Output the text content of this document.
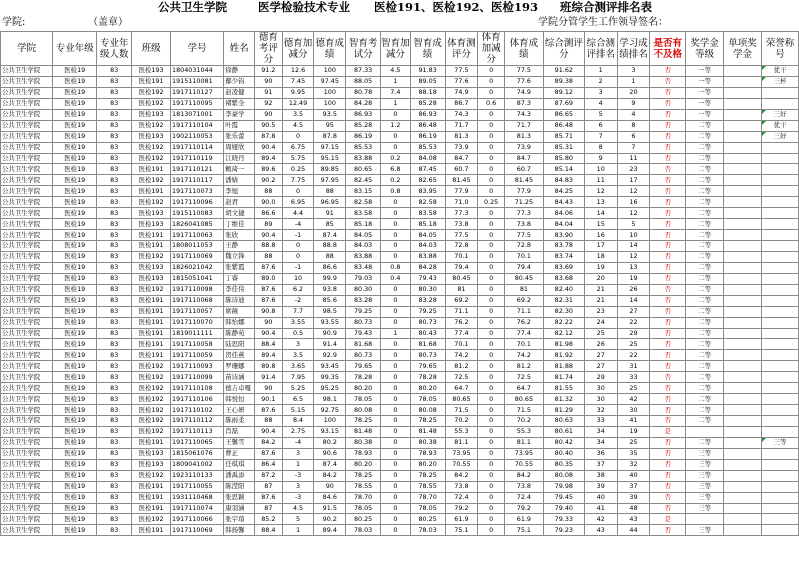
公共卫生学院	医学检验技术专业 医检191、医检192、医检193 班综合测评排名表
学院:	（盖章）	学院分管学生工作领导签名：
学院	专业年级	专业年级人数	班级	学号	姓名	德育考评分	德育加减分	德育成绩	智育考试分	智育加减分	智育成绩	体育测评分	体育加减分	体育成绩	综合测评分	综合测评排名	学习成绩排名	是否有不及格	奖学金等级	单项奖学金	荣誉称号
公共卫生学院	医检19	83	医检193	1804031044	徐静	91.2	12.6	100	87.33	4.5	91.83	77.5	0	77.5	91.62	1	3	否	一等		优干
公共卫生学院	医检19	83	医检191	1915110081	鄢少钧	90	7.45	97.45	88.05	1	89.05	77.6	0	77.6	89.38	2	1	否	一等		三杯
公共卫生学院	医检19	83	医检192	1917110127	赵凌健	91	9.95	100	80.78	7.4	88.18	74.9	0	74.9	89.12	3	20	否	一等		
公共卫生学院	医检19	83	医检192	1917110095	褚紫全	92	12.49	100	84.28	1	85.28	86.7	0.6	87.3	87.69	4	9	否	一等		
公共卫生学院	医检19	83	医检193	1813071001	李豪学	90	3.5	93.5	86.93	0	86.93	74.3	0	74.3	86.65	5	4	否	一等		三好
公共卫生学院	医检19	83	医检192	1917110104	叶霞	90.5	4.5	95	85.28	1.2	86.48	71.7	0	71.7	86.48	6	8	否	二等		优干
公共卫生学院	医检19	83	医检193	1902110053	张乐蕾	87.8	0	87.8	86.19	0	86.19	81.3	0	81.3	85.71	7	6	否	二等		三好
公共卫生学院	医检19	83	医检192	1917110114	周娅欣	90.4	6.75	97.15	85.53	0	85.53	73.9	0	73.9	85.31	8	7	否	二等		
公共卫生学院	医检19	83	医检192	1917110119	江晓丹	89.4	5.75	95.15	83.88	0.2	84.08	84.7	0	84.7	85.80	9	11	否	二等		
公共卫生学院	医检19	83	医检191	1917110121	鲍琦一	89.6	0.25	89.85	80.65	6.8	87.45	60.7	0	60.7	85.14	10	23	否	二等		
公共卫生学院	医检19	83	医检192	1917110117	潘婧	90.2	7.75	97.95	82.45	0.2	82.65	81.45	0	81.45	84.83	11	17	否	二等		
公共卫生学院	医检19	83	医检191	1917110073	李旭	88	0	88	83.15	0.8	83.95	77.9	0	77.9	84.25	12	12	否	二等		
公共卫生学院	医检19	83	医检192	1917110096	赵君	90.0	6.95	96.95	82.58	0	82.58	71.0	0.25	71.25	84.43	13	16	否	二等		
公共卫生学院	医检19	83	医检193	1915110083	胡文捷	86.6	4.4	91	83.58	0	83.58	77.3	0	77.3	84.06	14	12	否	二等		
公共卫生学院	医检19	83	医检193	1826041085	丁维佳	89	-4	85	85.18	0	85.18	73.8	0	73.8	84.04	15	5	否	二等		
公共卫生学院	医检19	83	医检191	1917110063	张欣	90.4	-1	87.4	84.05	0	84.05	77.5	0	77.5	83.90	16	10	否	二等		
公共卫生学院	医检19	83	医检191	1808011053	王静	88.8	0	88.8	84.03	0	84.03	72.8	0	72.8	83.78	17	14	否	二等		
公共卫生学院	医检19	83	医检192	1917110069	魏立锋	88	0	88	83.88	0	83.88	70.1	0	70.1	83.74	18	12	否	二等		
公共卫生学院	医检19	83	医检193	1826021042	张紫霞	87.6	-1	86.6	83.48	0.8	84.28	79.4	0	79.4	83.69	19	13	否	二等		
公共卫生学院	医检19	83	医检193	1815051041	丁睿	89.0	10	99.9	79.03	0.4	79.43	80.45	0	80.45	83.68	20	19	否	二等		
公共卫生学院	医检19	83	医检192	1917110098	李佳伟	87.6	6.2	93.8	80.30	0	80.30	81	0	81	82.40	21	26	否	二等		
公共卫生学院	医检19	83	医检191	1917110068	陈诗迪	87.6	-2	85.6	83.28	0	83.28	69.2	0	69.2	82.31	21	14	否	二等		
公共卫生学院	医检19	83	医检191	1917110057	席薇	90.8	7.7	98.5	79.25	0	79.25	71.1	0	71.1	82.30	23	27	否	二等		
公共卫生学院	医检19	83	医检191	1917110070	韩怡娜	90	3.55	93.55	80.73	0	80.73	76.2	0	76.2	82.22	24	22	否	二等		
公共卫生学院	医检19	83	医检191	1819011111	陈静苑	90.4	0.5	90.9	79.43	1	80.43	77.4	0	77.4	82.12	25	29	否	二等		
公共卫生学院	医检19	83	医检191	1917110058	陆思阳	88.4	3	91.4	81.68	0	81.68	70.1	0	70.1	81.98	26	25	否	二等		
公共卫生学院	医检19	83	医检191	1917110059	贺佳燕	89.4	3.5	92.9	80.73	0	80.73	74.2	0	74.2	81.92	27	22	否	二等		
公共卫生学院	医检19	83	医检192	1917110093	罗珊娜	89.8	3.65	93.45	79.65	0	79.65	81.2	0	81.2	81.88	27	31	否	二等		
公共卫生学院	医检19	83	医检192	1917110099	苗诗涵	91.4	7.95	99.35	78.28	0	78.28	72.5	0	72.5	81.74	29	33	否	二等		
公共卫生学院	医检19	83	医检192	1917110108	德吉卓嘎	90	5.25	95.25	80.20	0	80.20	64.7	0	64.7	81.55	30	25	否	二等		
公共卫生学院	医检19	83	医检192	1917110106	韩悦恒	90.1	6.5	98.1	78.05	0	78.05	80.65	0	80.65	81.32	30	42	否	二等		
公共卫生学院	医检19	83	医检192	1917110102	王心妍	87.6	5.15	92.75	80.08	0	80.08	71.5	0	71.5	81.29	32	30	否	二等		
公共卫生学院	医检19	83	医检192	1917110112	陈雨柔	88	8.4	100	78.25	0	78.25	70.2	0	70.2	80.63	33	41	否	二等		
公共卫生学院	医检19	83	医检192	1917110113	肖磊	90.4	2.75	93.15	81.48	0	81.48	55.3	0	55.3	80.61	34	19	是			
公共卫生学院	医检19	83	医检191	1917110065	王馨雪	84.2	-4	80.2	80.38	0	80.38	81.1	0	81.1	80.42	34	25	否	二等		三等
公共卫生学院	医检19	83	医检193	1815061076	曹正	87.6	3	90.6	78.93	0	78.93	73.95	0	73.95	80.40	36	35	否	三等		
公共卫生学院	医检19	83	医检193	1809041002	任琪琪	86.4	1	87.4	80.20	0	80.20	70.55	0	70.55	80.35	37	32	否	三等		
公共卫生学院	医检19	83	医检192	1923110133	潘禹添	87.2	-3	84.2	78.25	0	78.25	84.2	0	84.2	80.08	38	40	否	三等		
公共卫生学院	医检19	83	医检191	1917110055	陈滢阳	87	3	90	78.55	0	78.55	73.8	0	73.8	79.98	39	37	否	三等		
公共卫生学院	医检19	83	医检191	1931110468	张思颖	87.6	-3	84.6	78.70	0	78.70	72.4	0	72.4	79.45	40	39	否	三等		
公共卫生学院	医检19	83	医检191	1917110074	康羽涵	87	4.5	91.5	78.05	0	78.05	79.2	0	79.2	79.40	41	48	否	三等		
公共卫生学院	医检19	83	医检192	1917110066	张宇瑄	85.2	5	90.2	80.25	0	80.25	61.9	0	61.9	79.33	42	43	是			
公共卫生学院	医检19	83	医检191	1917110069	韩扬馨	88.4	1	89.4	78.03	0	78.03	75.1	0	75.1	79.23	43	44	否	三等		
